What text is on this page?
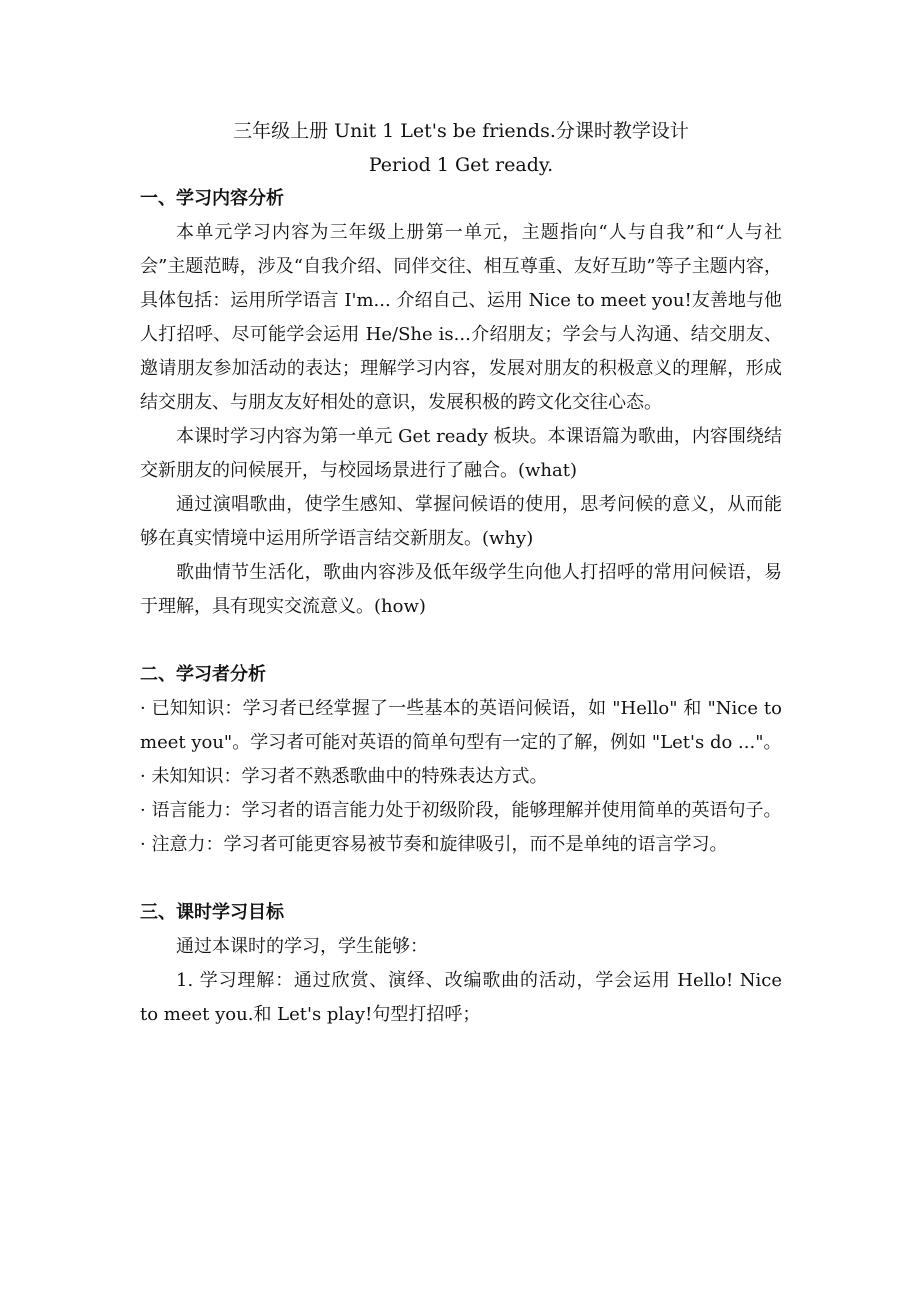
三年级上册 Unit 1 Let's be friends.分课时教学设计

Period 1 Get ready.

一、学习内容分析

本单元学习内容为三年级上册第一单元，主题指向“人与自我”和“人与社会”主题范畴，涉及“自我介绍、同伴交往、相互尊重、友好互助”等子主题内容，具体包括：运用所学语言 I'm... 介绍自己、运用 Nice to meet you!友善地与他人打招呼、尽可能学会运用 He/She is...介绍朋友；学会与人沟通、结交朋友、邀请朋友参加活动的表达；理解学习内容，发展对朋友的积极意义的理解，形成结交朋友、与朋友友好相处的意识，发展积极的跨文化交往心态。

本课时学习内容为第一单元 Get ready 板块。本课语篇为歌曲，内容围绕结交新朋友的问候展开，与校园场景进行了融合。(what)

通过演唱歌曲，使学生感知、掌握问候语的使用，思考问候的意义，从而能够在真实情境中运用所学语言结交新朋友。(why)

歌曲情节生活化，歌曲内容涉及低年级学生向他人打招呼的常用问候语，易于理解，具有现实交流意义。(how)

二、学习者分析

· 已知知识：学习者已经掌握了一些基本的英语问候语，如 "Hello" 和 "Nice to meet you"。学习者可能对英语的简单句型有一定的了解，例如 "Let's do ..."。

· 未知知识：学习者不熟悉歌曲中的特殊表达方式。

· 语言能力：学习者的语言能力处于初级阶段，能够理解并使用简单的英语句子。

· 注意力：学习者可能更容易被节奏和旋律吸引，而不是单纯的语言学习。

三、课时学习目标

通过本课时的学习，学生能够：

1. 学习理解：通过欣赏、演绎、改编歌曲的活动，学会运用 Hello! Nice to meet you.和 Let's play!句型打招呼；
